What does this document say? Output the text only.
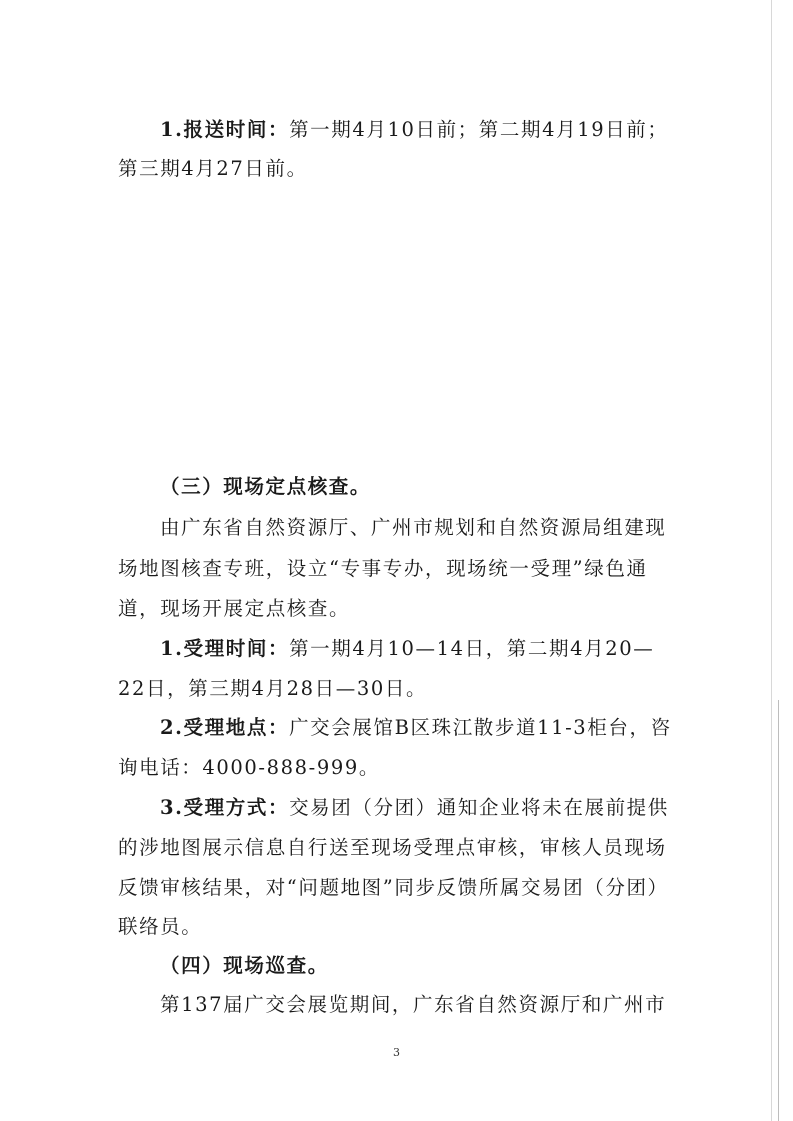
1.报送时间：第一期4月10日前；第二期4月19日前；
第三期4月27日前。
（三）现场定点核查。
由广东省自然资源厅、广州市规划和自然资源局组建现
场地图核查专班，设立“专事专办，现场统一受理”绿色通
道，现场开展定点核查。
1.受理时间：第一期4月10—14日，第二期4月20—
22日，第三期4月28日—30日。
2.受理地点：广交会展馆B区珠江散步道11-3柜台，咨
询电话：4000-888-999。
3.受理方式：交易团（分团）通知企业将未在展前提供
的涉地图展示信息自行送至现场受理点审核，审核人员现场
反馈审核结果，对“问题地图”同步反馈所属交易团（分团）
联络员。
（四）现场巡查。
第137届广交会展览期间，广东省自然资源厅和广州市
3
